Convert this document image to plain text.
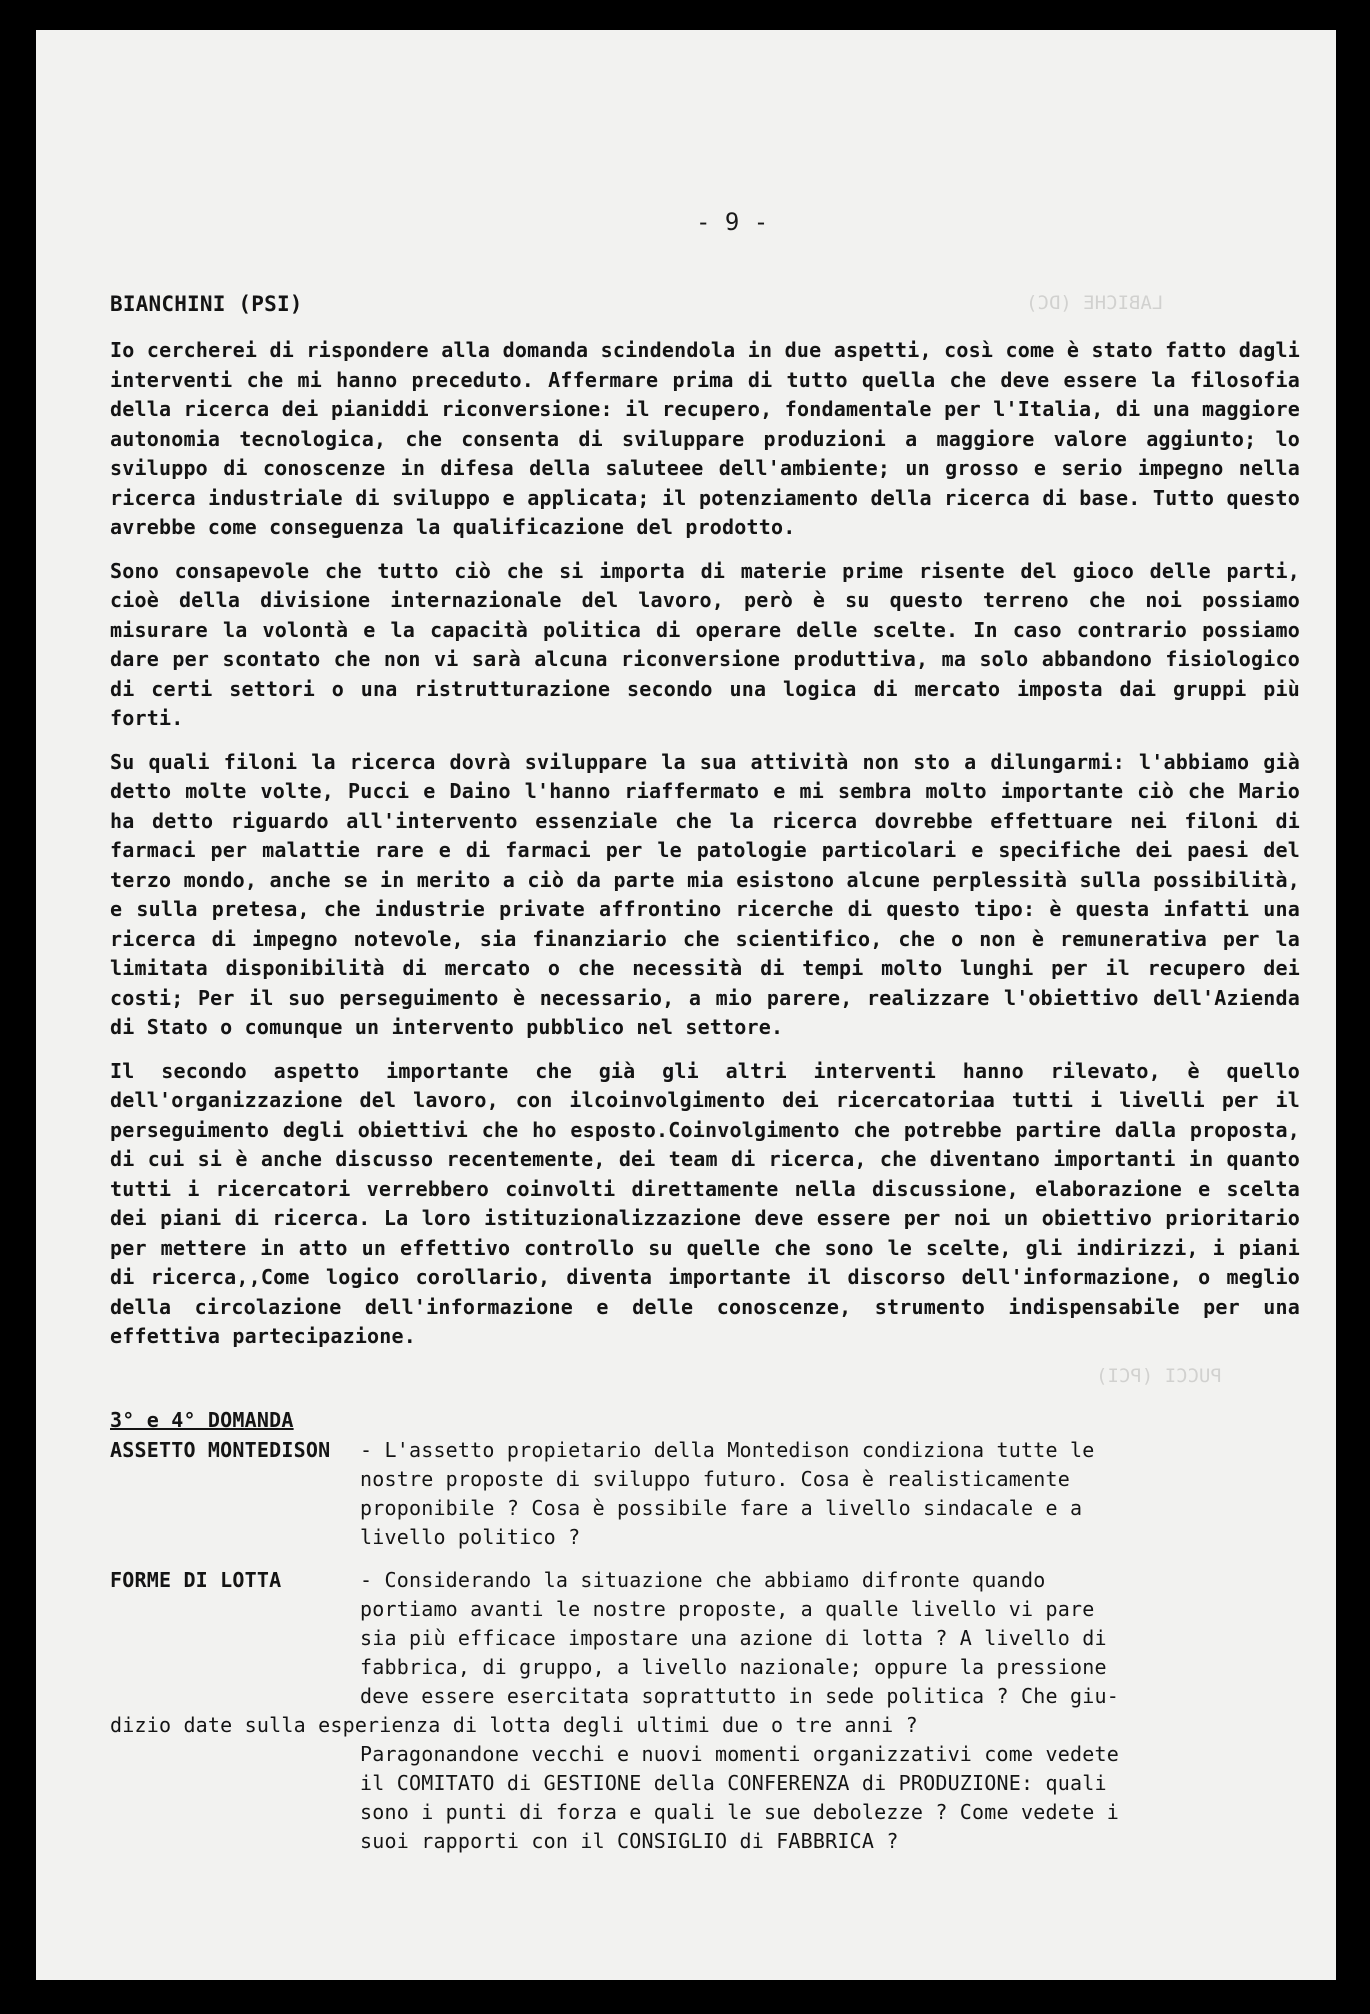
LABICHE (DC)
PUCCI (PCI)
- 9 -
BIANCHINI (PSI)

Io cercherei di rispondere alla domanda scindendola in due aspetti, così come è stato fatto dagli interventi che mi hanno preceduto. Affermare prima di tutto quella che deve essere la filosofia della ricerca dei pianiddi riconversione: il recupero, fondamentale per l'Italia, di una maggiore autonomia tecnologica, che consenta di sviluppare produzioni a maggiore valore aggiunto; lo sviluppo di conoscenze in difesa della saluteee dell'ambiente; un grosso e serio impegno nella ricerca industriale di sviluppo e applicata; il potenziamento della ricerca di base. Tutto questo avrebbe come conseguenza la qualificazione del prodotto.

Sono consapevole che tutto ciò che si importa di materie prime risente del gioco delle parti, cioè della divisione internazionale del lavoro, però è su questo terreno che noi possiamo misurare la volontà e la capacità politica di operare delle scelte. In caso contrario possiamo dare per scontato che non vi sarà alcuna riconversione produttiva, ma solo abbandono fisiologico di certi settori o una ristrutturazione secondo una logica di mercato imposta dai gruppi più forti.

Su quali filoni la ricerca dovrà sviluppare la sua attività non sto a dilungarmi: l'abbiamo già detto molte volte, Pucci e Daino l'hanno riaffermato e mi sembra molto importante ciò che Mario ha detto riguardo all'intervento essenziale che la ricerca dovrebbe effettuare nei filoni di farmaci per malattie rare e di farmaci per le patologie particolari e specifiche dei paesi del terzo mondo, anche se in merito a ciò da parte mia esistono alcune perplessità sulla possibilità, e sulla pretesa, che industrie private affrontino ricerche di questo tipo: è questa infatti una ricerca di impegno notevole, sia finanziario che scientifico, che o non è remunerativa per la limitata disponibilità di mercato o che necessità di tempi molto lunghi per il recupero dei costi; Per il suo perseguimento è necessario, a mio parere, realizzare l'obiettivo dell'Azienda di Stato o comunque un intervento pubblico nel settore.

Il secondo aspetto importante che già gli altri interventi hanno rilevato, è quello dell'organizzazione del lavoro, con ilcoinvolgimento dei ricercatoriaa tutti i livelli per il perseguimento degli obiettivi che ho esposto.Coinvolgimento che potrebbe partire dalla proposta, di cui si è anche discusso recentemente, dei team di ricerca, che diventano importanti in quanto tutti i ricercatori verrebbero coinvolti direttamente nella discussione, elaborazione e scelta dei piani di ricerca. La loro istituzionalizzazione deve essere per noi un obiettivo prioritario per mettere in atto un effettivo controllo su quelle che sono le scelte, gli indirizzi, i piani di ricerca,,Come logico corollario, diventa importante il discorso dell'informazione, o meglio della circolazione dell'informazione e delle conoscenze, strumento indispensabile per una effettiva partecipazione.

3° e 4° DOMANDA
ASSETTO MONTEDISON	- L'assetto propietario della Montedison condiziona tutte le nostre proposte di sviluppo futuro. Cosa è realisticamente proponibile ? Cosa è possibile fare a livello sindacale e a livello politico ?
FORME DI LOTTA	- Considerando la situazione che abbiamo difronte quando portiamo avanti le nostre proposte, a qualle livello vi pare sia più efficace impostare una azione di lotta ? A livello di fabbrica, di gruppo, a livello nazionale; oppure la pressione deve essere esercitata soprattutto in sede politica ? Che giu-
dizio date sulla esperienza di lotta degli ultimi due o tre anni ?
Paragonandone vecchi e nuovi momenti organizzativi come vedete il COMITATO di GESTIONE della CONFERENZA di PRODUZIONE: quali sono i punti di forza e quali le sue debolezze ? Come vedete i suoi rapporti con il CONSIGLIO di FABBRICA ?
